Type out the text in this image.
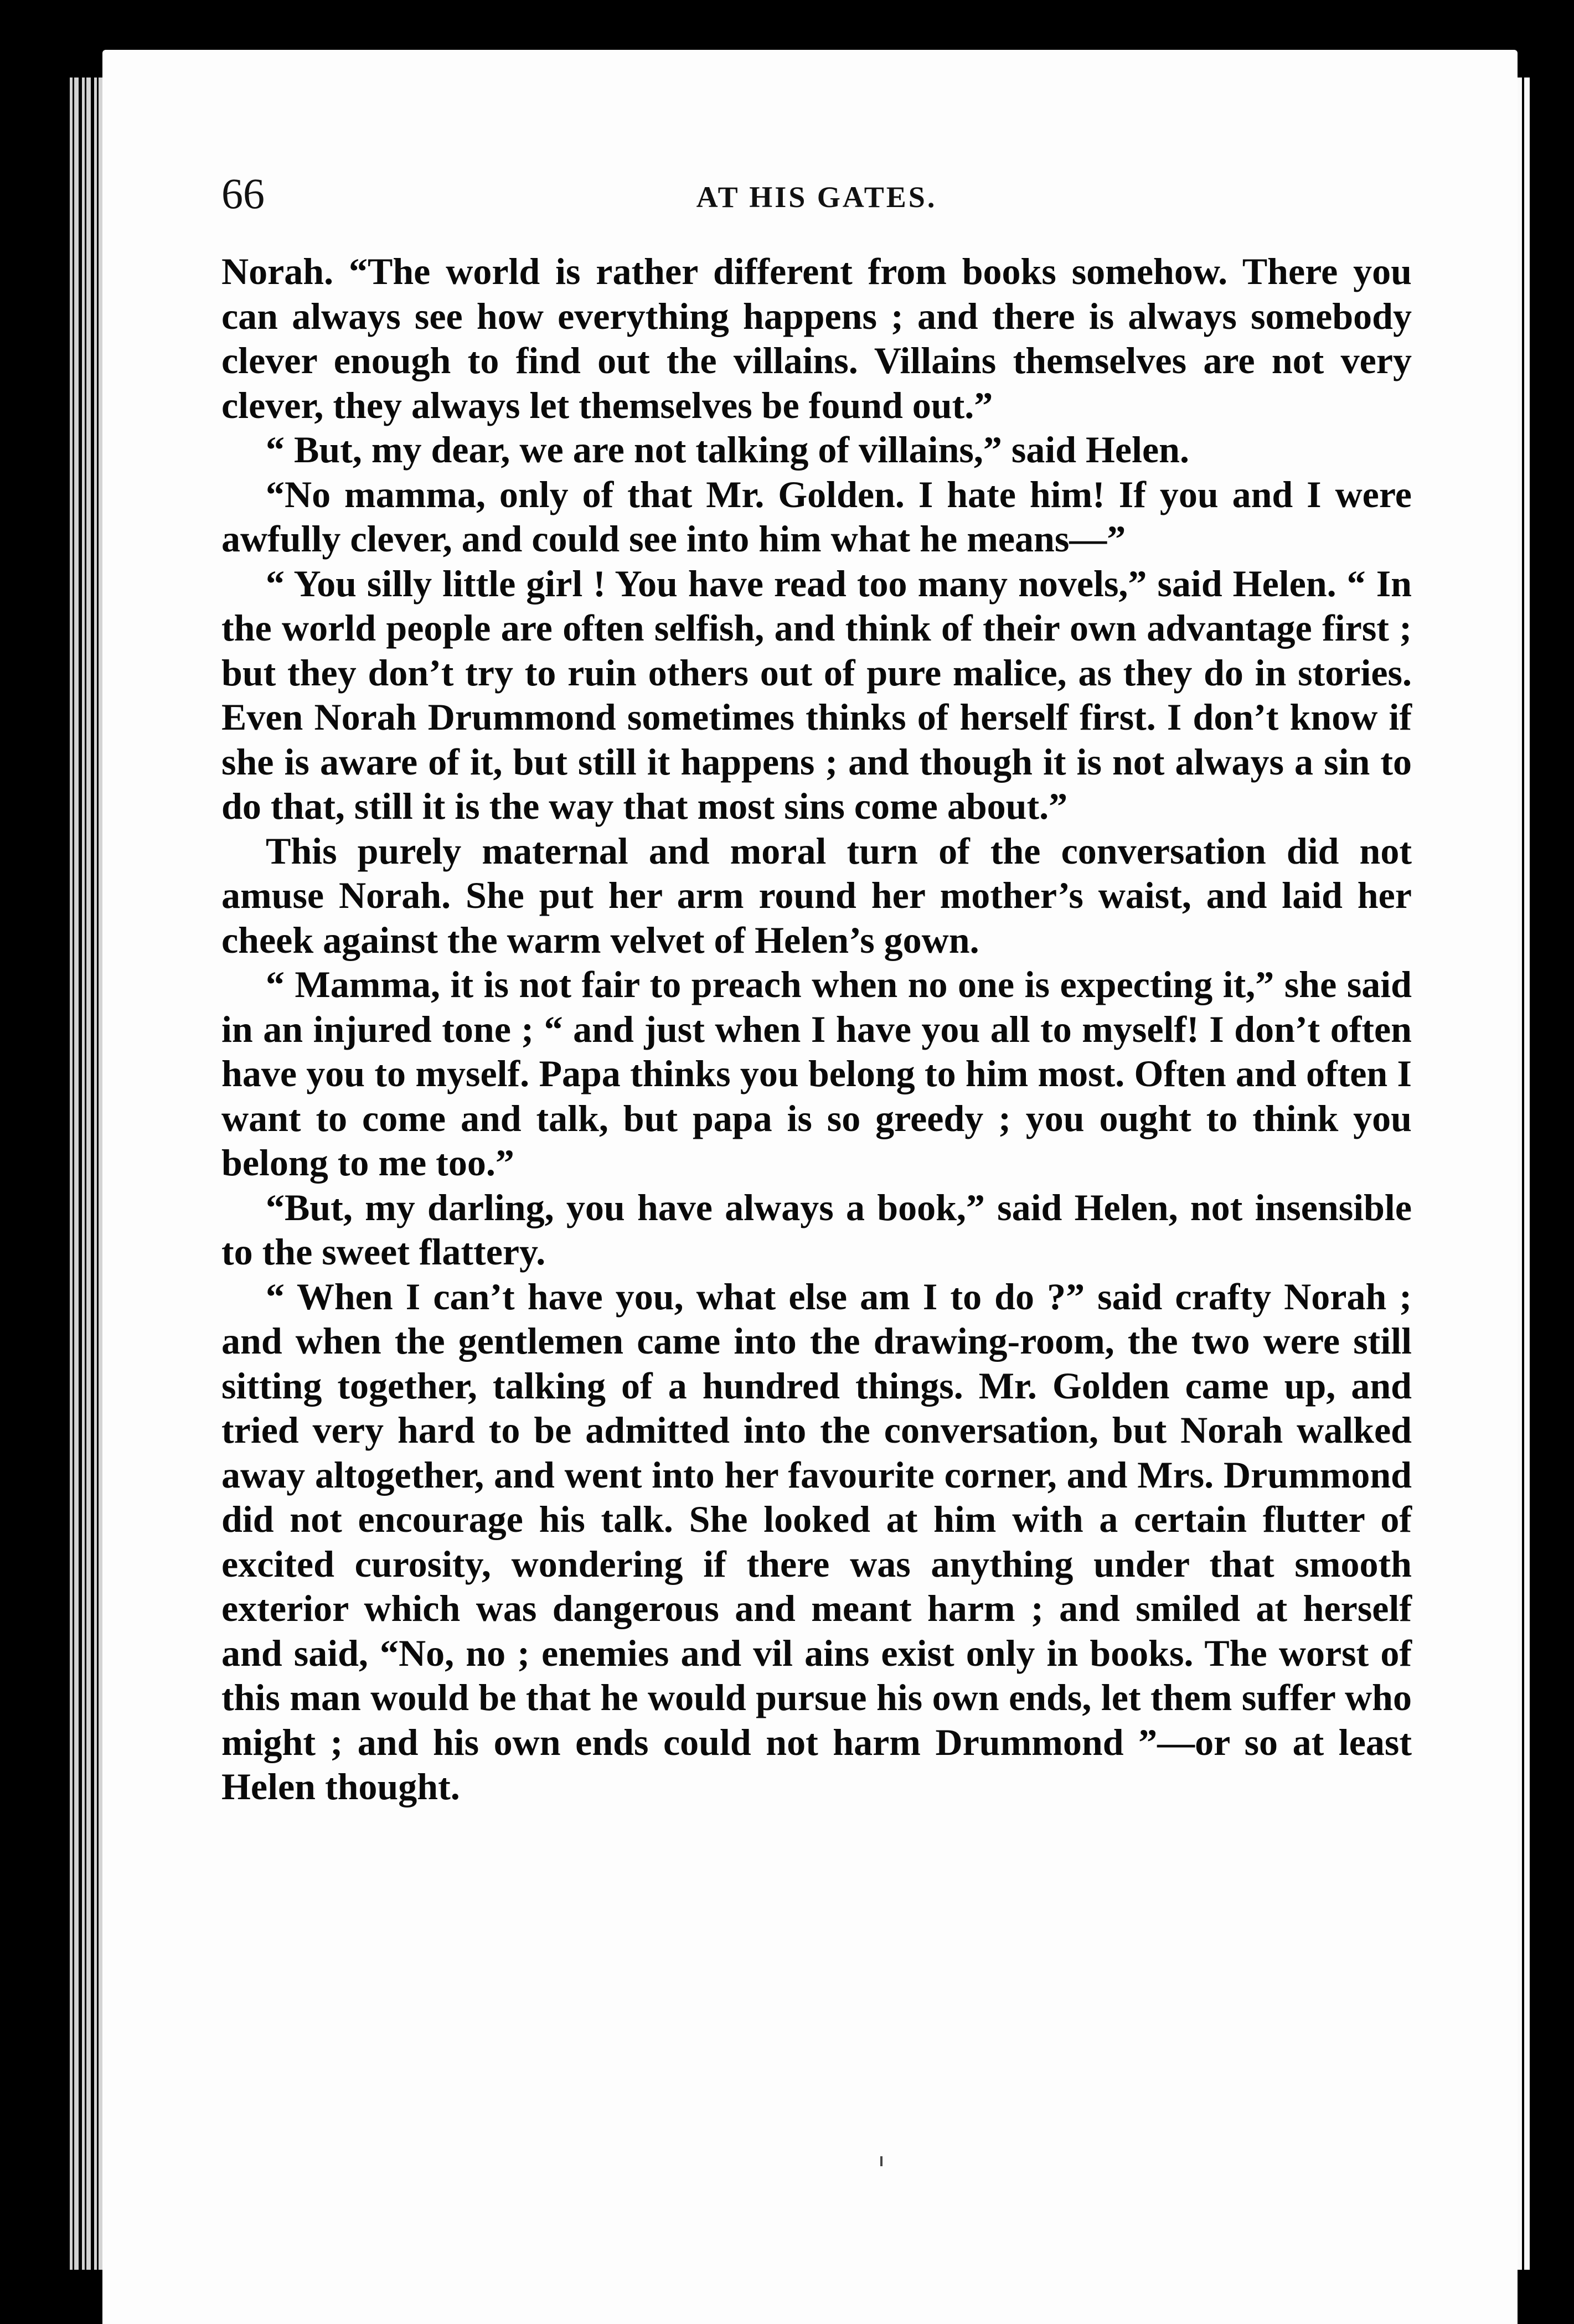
66	AT HIS GATES.

Norah. “The world is rather different from books somehow. There you can always see how everything happens ; and there is always somebody clever enough to find out the villains. Villains themselves are not very clever, they always let themselves be found out.”

“ But, my dear, we are not talking of villains,” said Helen.

“No mamma, only of that Mr. Golden. I hate him! If you and I were awfully clever, and could see into him what he means—”

“ You silly little girl ! You have read too many novels,” said Helen. “ In the world people are often selfish, and think of their own advantage first ; but they don’t try to ruin others out of pure malice, as they do in stories. Even Norah Drummond sometimes thinks of herself first. I don’t know if she is aware of it, but still it happens ; and though it is not always a sin to do that, still it is the way that most sins come about.”

This purely maternal and moral turn of the conversation did not amuse Norah. She put her arm round her mother’s waist, and laid her cheek against the warm velvet of Helen’s gown.

“ Mamma, it is not fair to preach when no one is expecting it,” she said in an injured tone ; “ and just when I have you all to myself! I don’t often have you to myself. Papa thinks you belong to him most. Often and often I want to come and talk, but papa is so greedy ; you ought to think you belong to me too.”

“But, my darling, you have always a book,” said Helen, not insensible to the sweet flattery.

“ When I can’t have you, what else am I to do ?” said crafty Norah ; and when the gentlemen came into the drawing-room, the two were still sitting together, talking of a hundred things. Mr. Golden came up, and tried very hard to be admitted into the conversation, but Norah walked away altogether, and went into her favourite corner, and Mrs. Drummond did not encourage his talk. She looked at him with a certain flutter of excited curosity, wondering if there was anything under that smooth exterior which was dangerous and meant harm ; and smiled at herself and said, “No, no ; enemies and vil ains exist only in books. The worst of this man would be that he would pursue his own ends, let them suffer who might ; and his own ends could not harm Drummond ”—or so at least Helen thought.
